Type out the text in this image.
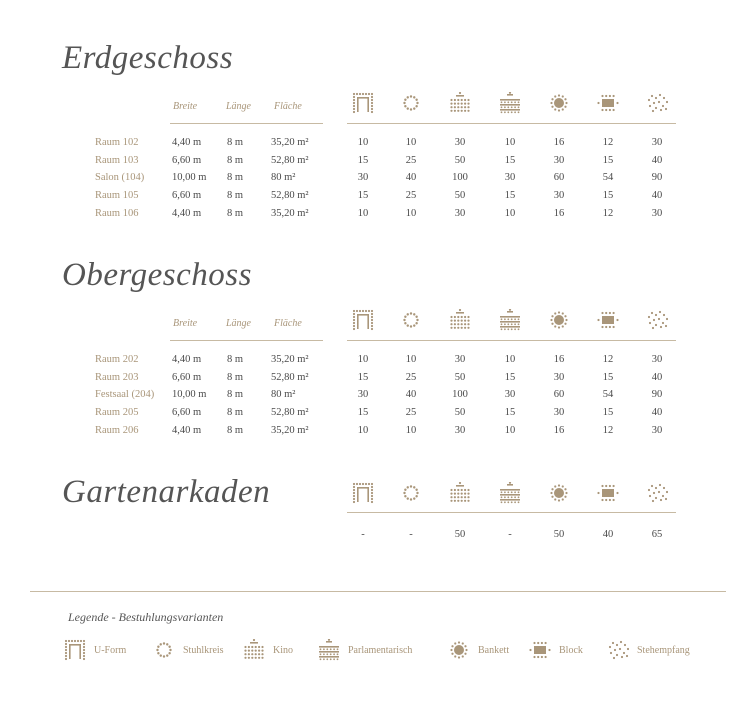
Erdgeschoss
Breite	Länge Fläche
Obergeschoss
Breite	Länge Fläche
Gartenarkaden
Legende - Bestuhlungsvarianten
Raum 102	4,40 m 8 m	35,20 m²	10	10	30	10	16	12	30
Raum 103	6,60 m 8 m	52,80 m²	15	25	50	15	30	15	40
Salon (104)	10,00 m 8 m	80 m²	30	40	100	30	60	54	90
Raum 105	6,60 m 8 m	52,80 m²	15	25	50	15	30	15	40
Raum 106	4,40 m 8 m	35,20 m²	10	10	30	10	16	12	30
Raum 202	4,40 m 8 m	35,20 m²	10	10	30	10	16	12	30
Raum 203	6,60 m 8 m	52,80 m²	15	25	50	15	30	15	40
Festsaal (204) 10,00 m 8 m	80 m²	30	40	100	30	60	54	90
Raum 205	6,60 m 8 m	52,80 m²	15	25	50	15	30	15	40
Raum 206	4,40 m 8 m	35,20 m²	10	10	30	10	16	12	30
-	-	50	-	50	40	65
U-Form	Stuhlkreis	Kino	Parlamentarisch	Bankett	Block	Stehempfang
